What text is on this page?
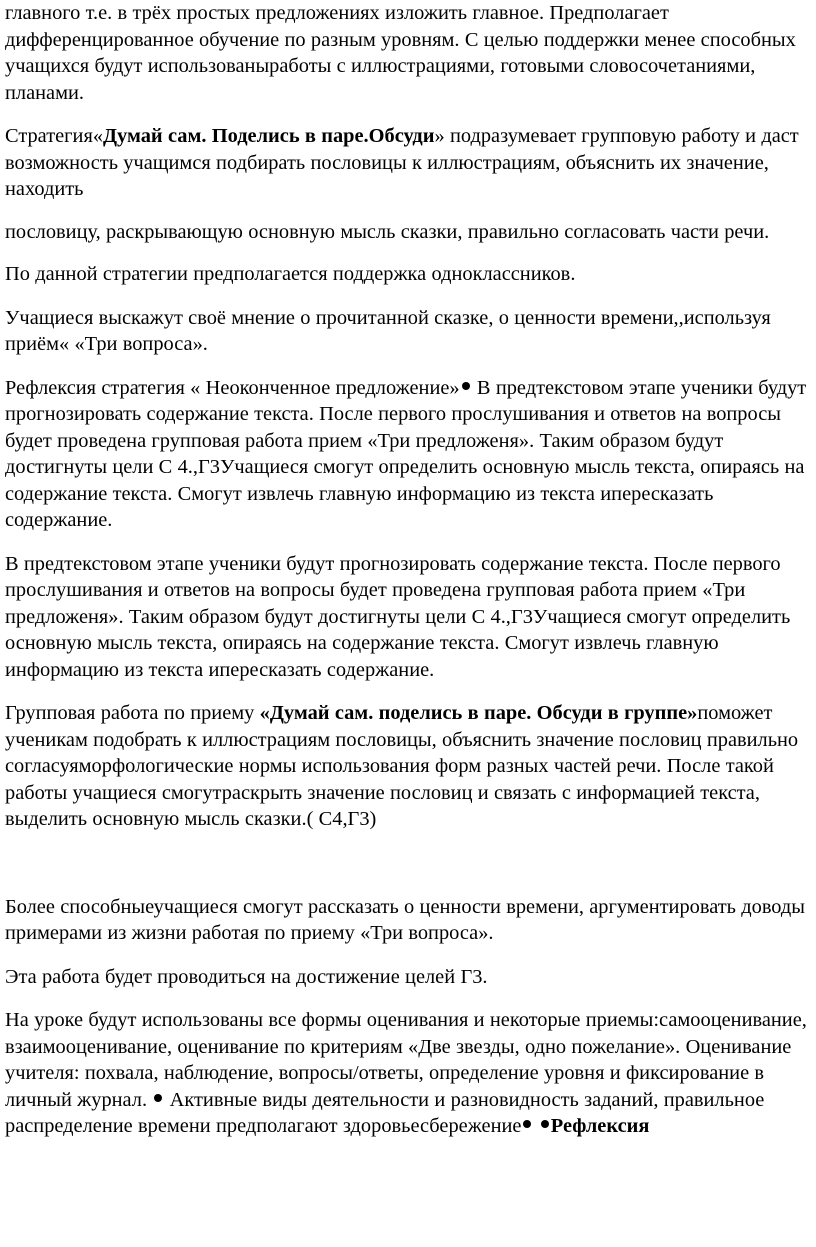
главного т.е. в трёх простых предложениях изложить главное. Предполагает дифференцированное обучение по разным уровням. С целью поддержки менее способных учащихся будут использованыработы с иллюстрациями, готовыми словосочетаниями, планами.

Стратегия«Думай сам. Поделись в паре.Обсуди» подразумевает групповую работу и даст возможность учащимся подбирать пословицы к иллюстрациям, объяснить их значение, находить

пословицу, раскрывающую основную мысль сказки, правильно согласовать части речи.

По данной стратегии предполагается поддержка одноклассников.

Учащиеся выскажут своё мнение о прочитанной сказке, о ценности времени,,используя приём« «Три вопроса».

Рефлексия стратегия « Неоконченное предложение» В предтекстовом этапе ученики будут прогнозировать содержание текста. После первого прослушивания и ответов на вопросы будет проведена групповая работа прием «Три предложеня». Таким образом будут достигнуты цели С 4.,Г3Учащиеся смогут определить основную мысль текста, опираясь на содержание текста. Смогут извлечь главную информацию из текста ипересказать содержание.

В предтекстовом этапе ученики будут прогнозировать содержание текста. После первого прослушивания и ответов на вопросы будет проведена групповая работа прием «Три предложеня». Таким образом будут достигнуты цели С 4.,Г3Учащиеся смогут определить основную мысль текста, опираясь на содержание текста. Смогут извлечь главную информацию из текста ипересказать содержание.

Групповая работа по приему «Думай сам. поделись в паре. Обсуди в группе»поможет ученикам подобрать к иллюстрациям пословицы, объяснить значение пословиц правильно согласуяморфологические нормы использования форм разных частей речи. После такой работы учащиеся смогутраскрыть значение пословиц и связать с информацией текста, выделить основную мысль сказки.( С4,Г3)

Более способныеучащиеся смогут рассказать о ценности времени, аргументировать доводы примерами из жизни работая по приему «Три вопроса».

Эта работа будет проводиться на достижение целей Г3.

На уроке будут использованы все формы оценивания и некоторые приемы:самооценивание, взаимооценивание, оценивание по критериям «Две звезды, одно пожелание». Оценивание учителя: похвала, наблюдение, вопросы/ответы, определение уровня и фиксирование в личный журнал.  Активные виды деятельности и разновидность заданий, правильное распределение времени предполагают здоровьесбережение Рефлексия
